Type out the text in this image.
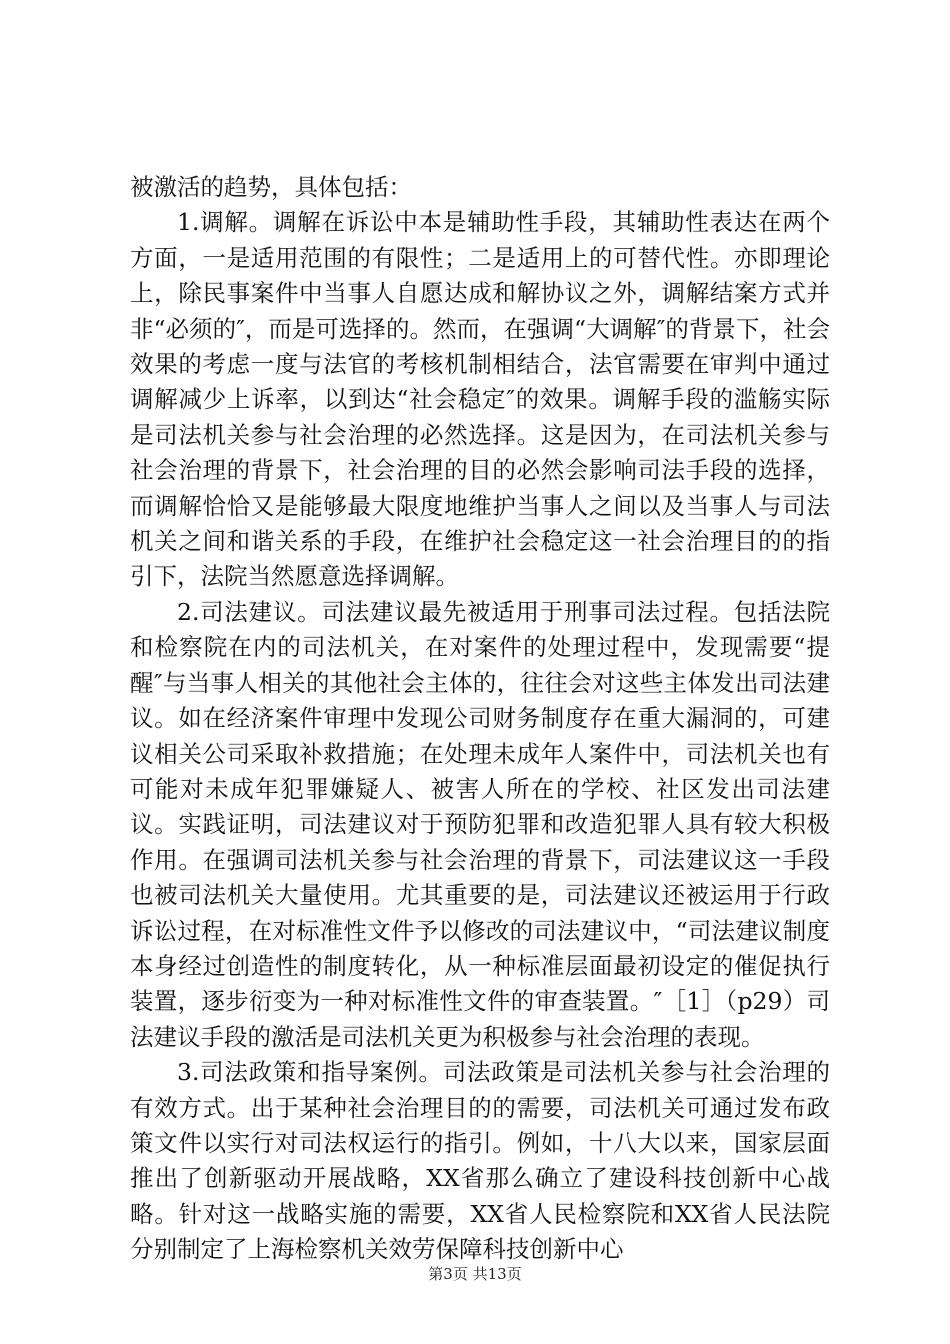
被激活的趋势，具体包括：

1.调解。调解在诉讼中本是辅助性手段，其辅助性表达在两个方面，一是适用范围的有限性；二是适用上的可替代性。亦即理论上，除民事案件中当事人自愿达成和解协议之外，调解结案方式并非“必须的″，而是可选择的。然而，在强调“大调解″的背景下，社会效果的考虑一度与法官的考核机制相结合，法官需要在审判中通过调解减少上诉率，以到达“社会稳定″的效果。调解手段的滥觞实际是司法机关参与社会治理的必然选择。这是因为，在司法机关参与社会治理的背景下，社会治理的目的必然会影响司法手段的选择，而调解恰恰又是能够最大限度地维护当事人之间以及当事人与司法机关之间和谐关系的手段，在维护社会稳定这一社会治理目的的指引下，法院当然愿意选择调解。

2.司法建议。司法建议最先被适用于刑事司法过程。包括法院和检察院在内的司法机关，在对案件的处理过程中，发现需要“提醒″与当事人相关的其他社会主体的，往往会对这些主体发出司法建议。如在经济案件审理中发现公司财务制度存在重大漏洞的，可建议相关公司采取补救措施；在处理未成年人案件中，司法机关也有可能对未成年犯罪嫌疑人、被害人所在的学校、社区发出司法建议。实践证明，司法建议对于预防犯罪和改造犯罪人具有较大积极作用。在强调司法机关参与社会治理的背景下，司法建议这一手段也被司法机关大量使用。尤其重要的是，司法建议还被运用于行政诉讼过程，在对标准性文件予以修改的司法建议中，“司法建议制度本身经过创造性的制度转化，从一种标准层面最初设定的催促执行装置，逐步衍变为一种对标准性文件的审查装置。″［1］（p29）司法建议手段的激活是司法机关更为积极参与社会治理的表现。

3.司法政策和指导案例。司法政策是司法机关参与社会治理的有效方式。出于某种社会治理目的的需要，司法机关可通过发布政策文件以实行对司法权运行的指引。例如，十八大以来，国家层面推出了创新驱动开展战略，XX省那么确立了建设科技创新中心战略。针对这一战略实施的需要，XX省人民检察院和XX省人民法院分别制定了上海检察机关效劳保障科技创新中心

第3页 共13页
